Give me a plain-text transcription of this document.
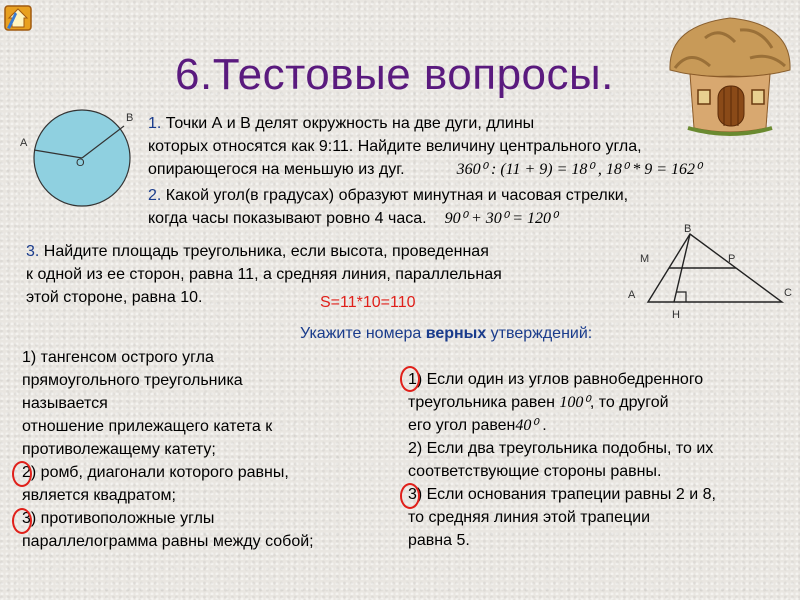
6.Тестовые вопросы.
A
B
O
1. Точки А и В делят окружность на две дуги, длины
которых относятся как 9:11. Найдите величину центрального угла,
опирающегося на меньшую из дуг.	360⁰ : (11 + 9) = 18⁰ , 18⁰ * 9 = 162⁰
2. Какой угол(в градусах) образуют минутная и часовая стрелки,
когда часы показывают ровно 4 часа. 90⁰ + 30⁰ = 120⁰
3. Найдите площадь треугольника, если высота, проведенная
к одной из ее сторон, равна 11, а средняя линия, параллельная
этой стороне, равна 10.	S=11*10=110
B
M	P
A	C
H
Укажите номера верных утверждений:
1) тангенсом острого угла
прямоугольного треугольника
называется
отношение прилежащего катета к
противолежащему катету;
2) ромб, диагонали которого равны,
является квадратом;
3) противоположные углы
параллелограмма равны между собой;
1) Если один из углов равнобедренного
треугольника равен 100⁰, то другой
его угол равен40⁰ .
2) Если два треугольника подобны, то их
соответствующие стороны равны.
3) Если основания трапеции равны 2 и 8,
то средняя линия этой трапеции
равна 5.
